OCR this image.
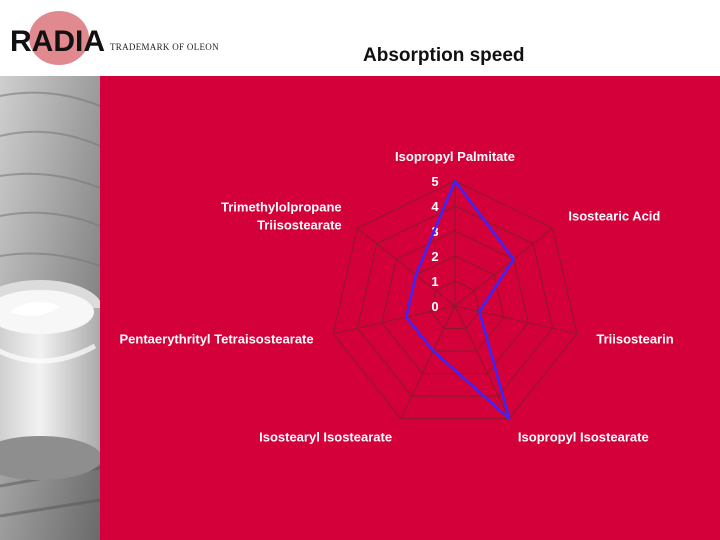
RADIA TRADEMARK OF OLEON	Absorption speed
0
1
2
3
4
5
Isopropyl Palmitate
Isostearic Acid
Triisostearin
Isopropyl Isostearate
Isostearyl Isostearate
Pentaerythrityl Tetraisostearate
Trimethylolpropane Triisostearate
